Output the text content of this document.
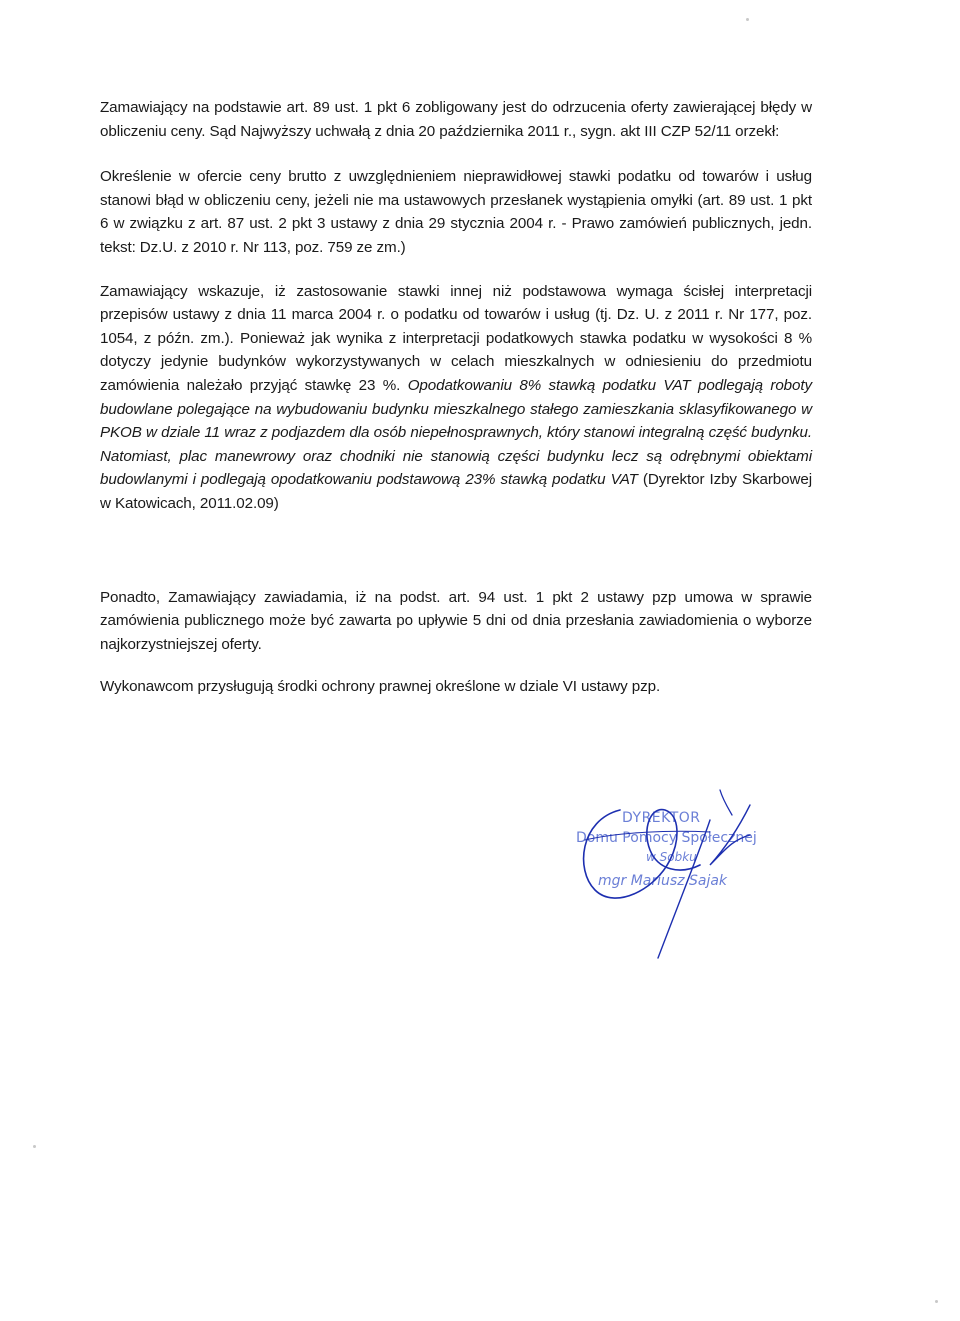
Zamawiający na podstawie art. 89 ust. 1 pkt 6 zobligowany jest do odrzucenia oferty zawierającej błędy w obliczeniu ceny. Sąd Najwyższy uchwałą z dnia 20 października 2011 r., sygn. akt III CZP 52/11 orzekł:

Określenie w ofercie ceny brutto z uwzględnieniem nieprawidłowej stawki podatku od towarów i usług stanowi błąd w obliczeniu ceny, jeżeli nie ma ustawowych przesłanek wystąpienia omyłki (art. 89 ust. 1 pkt 6 w związku z art. 87 ust. 2 pkt 3 ustawy z dnia 29 stycznia 2004 r. - Prawo zamówień publicznych, jedn. tekst: Dz.U. z 2010 r. Nr 113, poz. 759 ze zm.)

Zamawiający wskazuje, iż zastosowanie stawki innej niż podstawowa wymaga ścisłej interpretacji przepisów ustawy z dnia 11 marca 2004 r. o podatku od towarów i usług (tj. Dz. U. z 2011 r. Nr 177, poz. 1054, z późn. zm.). Ponieważ jak wynika z interpretacji podatkowych stawka podatku w wysokości 8 % dotyczy jedynie budynków wykorzystywanych w celach mieszkalnych w odniesieniu do przedmiotu zamówienia należało przyjąć stawkę 23 %. Opodatkowaniu 8% stawką podatku VAT podlegają roboty budowlane polegające na wybudowaniu budynku mieszkalnego stałego zamieszkania sklasyfikowanego w PKOB w dziale 11 wraz z podjazdem dla osób niepełnosprawnych, który stanowi integralną część budynku. Natomiast, plac manewrowy oraz chodniki nie stanowią części budynku lecz są odrębnymi obiektami budowlanymi i podlegają opodatkowaniu podstawową 23% stawką podatku VAT (Dyrektor Izby Skarbowej w Katowicach, 2011.02.09)

Ponadto, Zamawiający zawiadamia, iż na podst. art. 94 ust. 1 pkt 2 ustawy pzp umowa w sprawie zamówienia publicznego może być zawarta po upływie 5 dni od dnia przesłania zawiadomienia o wyborze najkorzystniejszej oferty.

Wykonawcom przysługują środki ochrony prawnej określone w dziale VI ustawy pzp.

DYREKTOR
Domu Pomocy Społecznej
w Sobku
mgr Mariusz Sajak
